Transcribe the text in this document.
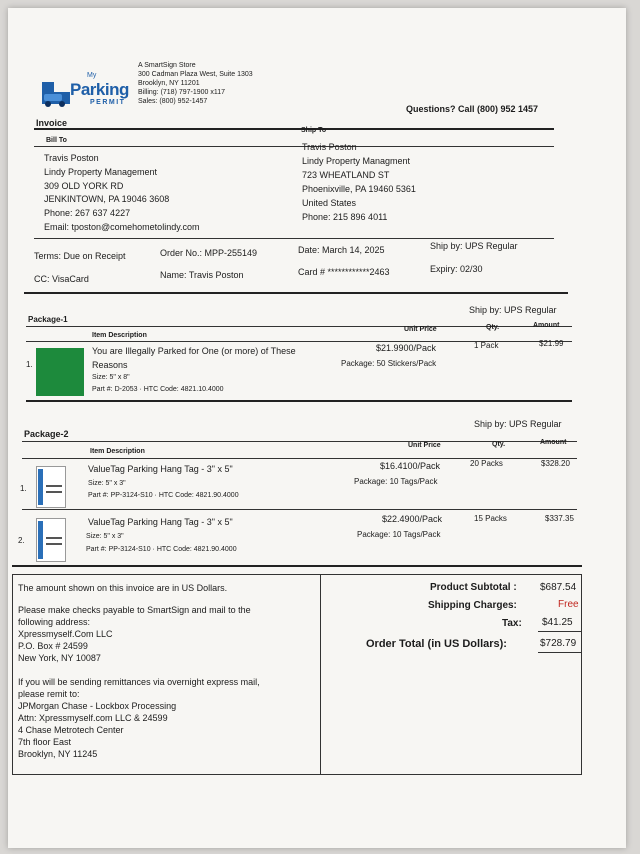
My
Parking
PERMIT
A SmartSign Store
300 Cadman Plaza West, Suite 1303
Brooklyn, NY 11201
Billing: (718) 797-1900 x117
Sales: (800) 952-1457
Questions? Call (800) 952 1457
Invoice
Bill To
Ship To
Travis Poston
Lindy Property Management
309 OLD YORK RD
JENKINTOWN, PA 19046 3608
Phone: 267 637 4227
Email: tposton@comehometolindy.com
Travis Poston
Lindy Property Managment
723 WHEATLAND ST
Phoenixville, PA 19460 5361
United States
Phone: 215 896 4011
Terms: Due on Receipt	Order No.: MPP-255149	Date: March 14, 2025	Ship by: UPS Regular
CC: VisaCard	Name: Travis Poston	Card # ************2463	Expiry: 02/30
Ship by: UPS Regular
Package-1
Item Description
Unit Price	Qty.	Amount
1.
You are Illegally Parked for One (or more) of These
Reasons
Size: 5" x 8"
Part #: D-2053 · HTC Code: 4821.10.4000
$21.9900/Pack
Package: 50 Stickers/Pack
1 Pack	$21.99
Ship by: UPS Regular
Package-2
Item Description
Unit Price	Qty.	Amount
1.
ValueTag Parking Hang Tag - 3" x 5"
Size: 5" x 3"
Part #: PP-3124-S10 · HTC Code: 4821.90.4000
$16.4100/Pack
Package: 10 Tags/Pack
20 Packs	$328.20
2.
ValueTag Parking Hang Tag - 3" x 5"
Size: 5" x 3"
Part #: PP-3124-S10 · HTC Code: 4821.90.4000
$22.4900/Pack
Package: 10 Tags/Pack
15 Packs	$337.35
The amount shown on this invoice are in US Dollars.
Please make checks payable to SmartSign and mail to the
following address:
Xpressmyself.Com LLC
P.O. Box # 24599
New York, NY 10087
If you will be sending remittances via overnight express mail,
please remit to:
JPMorgan Chase - Lockbox Processing
Attn: Xpressmyself.com LLC & 24599
4 Chase Metrotech Center
7th floor East
Brooklyn, NY 11245
Product Subtotal : $687.54
Shipping Charges:	Free
Tax: $41.25
Order Total (in US Dollars):	$728.79
